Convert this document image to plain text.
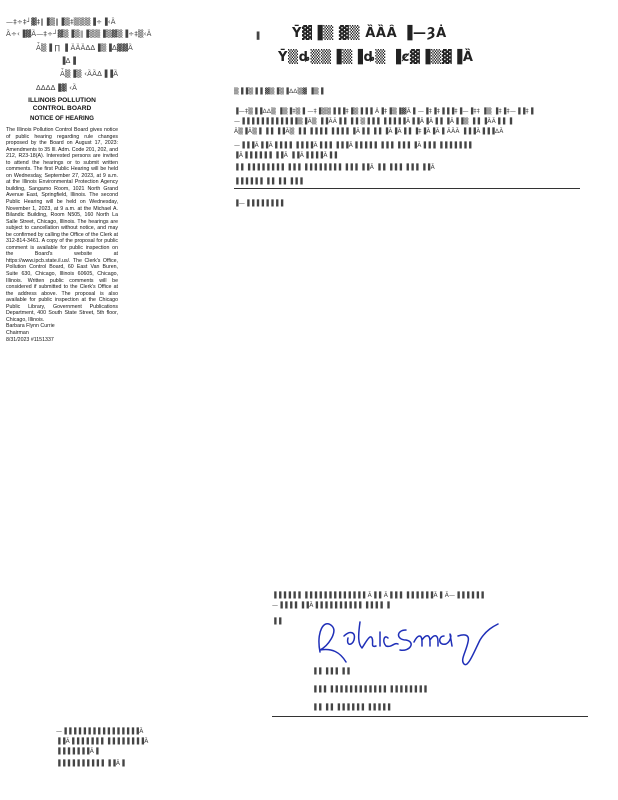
—‡÷‡┘▓‡‖▐▒‖▐▒‡▒▒▒▐÷▐‹Ȁ
Ȁ÷‹▐▓Ȁ—‡÷┘▓▒▐▒‖▐▒▒▐▒▓▒▐÷‡▒‹Ȁ
Ǡ▒▐ ∏ ▐ ȀȀȀ∆∆▐▒▐∆▓▓Ȁ
▐∆▐
Ǡ▒▐▒ ‹ȀȀ∆▐▐Ȁ
∆∆∆∆▐▓ ‹Ȁ
Ȳ▓▐▒ ▓▒ ȀȀȂ ▐—ȜȦ
Ȳ▒ȡ▒▒▐▒▐ȡ▒ ▐ȼ▓▐▒▓▐Ȁ
▐

ILLINOIS POLLUTION

CONTROL BOARD

NOTICE OF HEARING

The Illinois Pollution Control Board gives notice of public hearing regarding rule changes proposed by the Board on August 17, 2023: Amendments to 35 Ill. Adm. Code 201, 202, and 212, R23-18(A). Interested persons are invited to attend the hearings or to submit written comments. The first Public Hearing will be held on Wednesday, September 27, 2023, at 9 a.m. at the Illinois Environmental Protection Agency building, Sangamo Room, 1021 North Grand Avenue East, Springfield, Illinois. The second Public Hearing will be held on Wednesday, November 1, 2023, at 9 a.m. at the Michael A. Bilandic Building, Room N505, 160 North La Salle Street, Chicago, Illinois. The hearings are subject to cancellation without notice, and may be confirmed by calling the Office of the Clerk at 312-814-3461. A copy of the proposal for public comment is available for public inspection on the Board's website at https://www.ipcb.state.il.us/. The Clerk's Office, Pollution Control Board, 60 East Van Buren, Suite 630, Chicago, Illinois 60605, Chicago, Illinois. Written public comments will be considered if submitted to the Clerk's Office at the address above. The proposal is also available for public inspection at the Chicago Public Library, Government Publications Department, 400 South State Street, 5th floor, Chicago, Illinois.

Barbara Flynn Currie
Chairman
8/31/2023 #1151337
▒▐▐▒▐▐ ▓▒▐▒▐∆∆▒▓ ▐▒▐
▐—‡▒▐▐∆∆▒ ▐▒▐‡▒▐ —‡▐▒▒▐▐▐‡▐▒▐▐▐ Ȃ▐‡▐▒▐▓Ȁ▐ —▐‡▐‡▐▐▐‡▐—▐‡‡ ▐▒ ▐‡▐‡—▐▐‡▐
—▐▐▐▐▐▐▐▐▐▐▐▐▒▐Ȁ▒ ▐▐ȀȀ▐▐ ▐▐ ▒▐▐▐ ▐▐▐▐▐Ȁ▐▐Ȁ▐Ȁ▐▐ ▐Ȁ▐▐▒ ▐▐ ▐ȀȀ▐▐ ▐
Ȁ▒▐Ȁ▒▐ ▐▐ ▐▐Ȁ▒ ▐▐ ▐▐▐▐ ▐▐▐▐ ▐Ȁ▐▐ ▐▐ ▐Ȁ▐Ȁ▐▐ ▐‡▐Ȁ▐Ȁ▐ ȀȀȀ ▐▐▐Ȁ▐▐▐∆Ȁ
—▐▐▐Ȁ▐▐Ȁ▐▐▐▐ ▐▐▐▐Ȁ▐▐▐ ▐▐▐Ȁ▐▐▐▐▐ ▐▐▐ ▐▐▐ ▐Ȁ▐▐▐ ▐▐▐▐▐▐▐
▐Ȁ▐▐▐▐▐▐ ▐▐Ȁ ▐▐Ȁ▐▐▐▐Ȁ▐▐
▐▐ ▐▐▐▐▐▐▐▐ ▐▐▐ ▐▐▐▐▐▐▐▐ ▐▐▐ ▐▐Ȁ ▐▐ ▐▐▐ ▐▐▐ ▐▐Ȁ
▐▐▐▐▐▐ ▐▐ ▐▐ ▐▐▐
▐—▐▐▐▐▐▐▐▐
▐▐▐▐▐▐ ▐▐▐▐▐▐▐▐▐▐▐▐▐ Ȁ▐▐ Ȁ▐▐▐ ▐▐▐▐▐▐Ȁ▐ Ȁ—▐▐▐▐▐▐
—▐▐▐▐ ▐▐Ȁ▐▐▐▐▐▐▐▐▐▐ ▐▐▐▐ ▐
▐▐
▐▐ ▐▐▐ ▐▐
▐▐▐ ▐▐▐▐▐▐▐▐▐▐▐▐ ▐▐▐▐▐▐▐▐
▐▐ ▐▐ ▐▐▐▐▐▐ ▐▐▐▐▐
—▐▐▐▐▐▐▐▐▐▐▐▐▐▐▐▐Ȁ
▐▐Ȁ▐▐▐▐▐▐▐ ▐▐▐▐▐▐▐▐Ȁ
▐▐▐▐▐▐▐Ȁ▐
▐▐▐▐▐▐▐▐▐▐ ▐▐Ȁ▐
